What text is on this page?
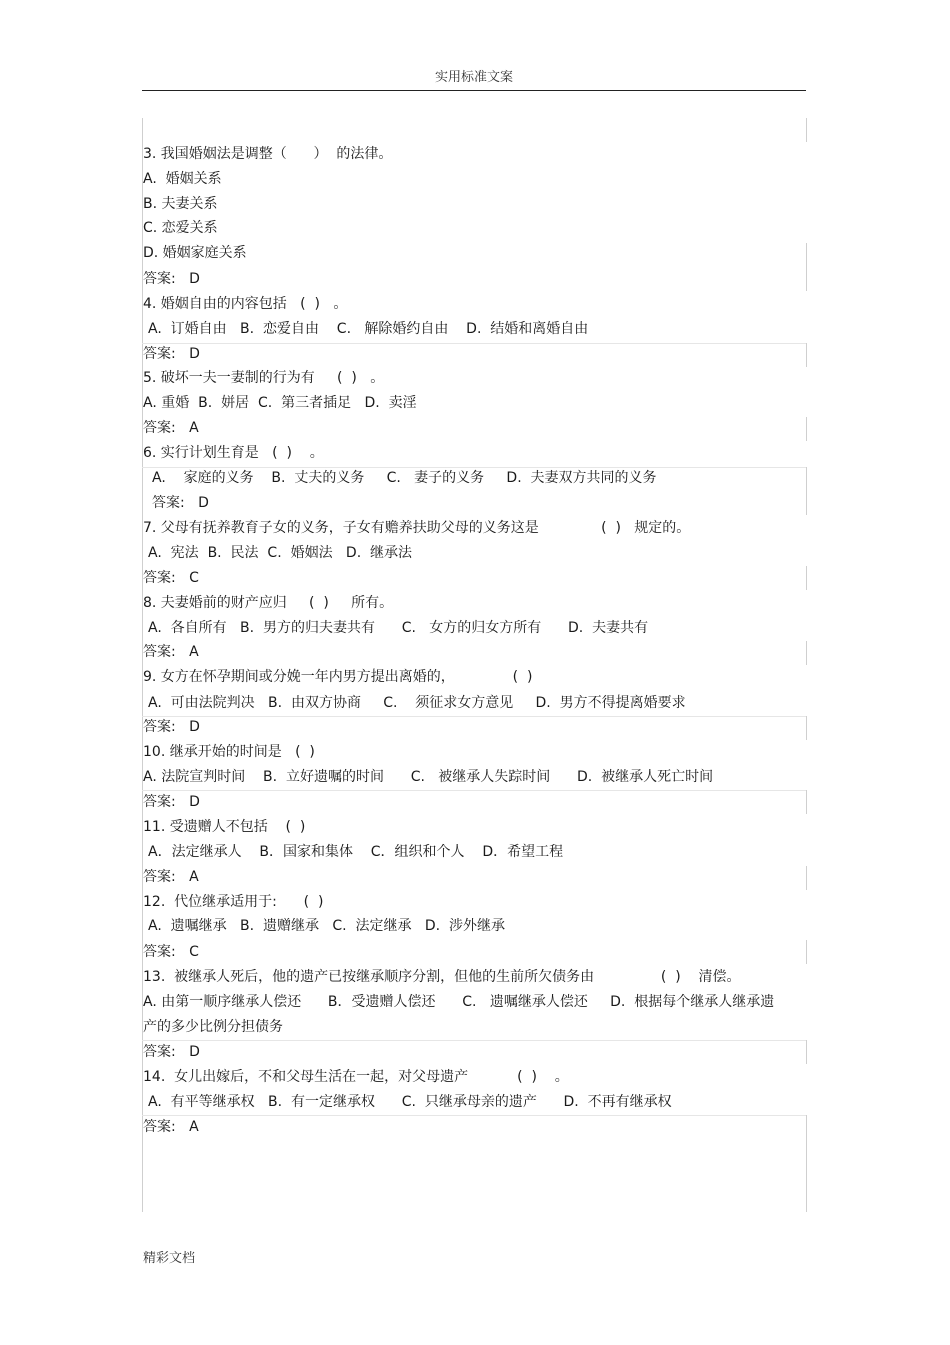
实用标准文案
3. 我国婚姻法是调整（      ）  的法律。
A.  婚姻关系
B. 夫妻关系
C. 恋爱关系
D. 婚姻家庭关系
答案:   D
4. 婚姻自由的内容包括   (  )   。
A.  订婚自由   B.  恋爱自由    C.   解除婚约自由    D.  结婚和离婚自由
答案:   D
5. 破坏一夫一妻制的行为有     (  )   。
A. 重婚  B.  姘居  C.  第三者插足   D.  卖淫
答案:   A
6. 实行计划生育是   (  )    。
A.    家庭的义务    B.  丈夫的义务     C.   妻子的义务     D.  夫妻双方共同的义务
答案:   D
7. 父母有抚养教育子女的义务，子女有赡养扶助父母的义务这是              (  )   规定的。
A.  宪法  B.  民法  C.  婚姻法   D.  继承法
答案:   C
8. 夫妻婚前的财产应归     (  )     所有。
A.  各自所有   B.  男方的归夫妻共有      C.   女方的归女方所有      D.  夫妻共有
答案:   A
9. 女方在怀孕期间或分娩一年内男方提出离婚的，             (  )
A.  可由法院判决   B.  由双方协商     C.    须征求女方意见     D.  男方不得提离婚要求
答案:   D
10. 继承开始的时间是   (  )
A. 法院宣判时间    B.  立好遗嘱的时间      C.   被继承人失踪时间      D.  被继承人死亡时间
答案:   D
11. 受遗赠人不包括    (  )
A．法定继承人    B．国家和集体    C．组织和个人    D．希望工程
答案:   A
12.  代位继承适用于:      (  )
A.  遗嘱继承   B.  遗赠继承   C.  法定继承   D.  涉外继承
答案:   C
13.  被继承人死后，他的遗产已按继承顺序分割，但他的生前所欠债务由               (  )    清偿。
A. 由第一顺序继承人偿还      B．受遗赠人偿还      C.   遗嘱继承人偿还     D.  根据每个继承人继承遗
产的多少比例分担债务
答案:   D
14.  女儿出嫁后，不和父母生活在一起，对父母遗产           (  )    。
A.  有平等继承权   B.  有一定继承权      C.  只继承母亲的遗产      D.  不再有继承权
答案:   A
精彩文档
